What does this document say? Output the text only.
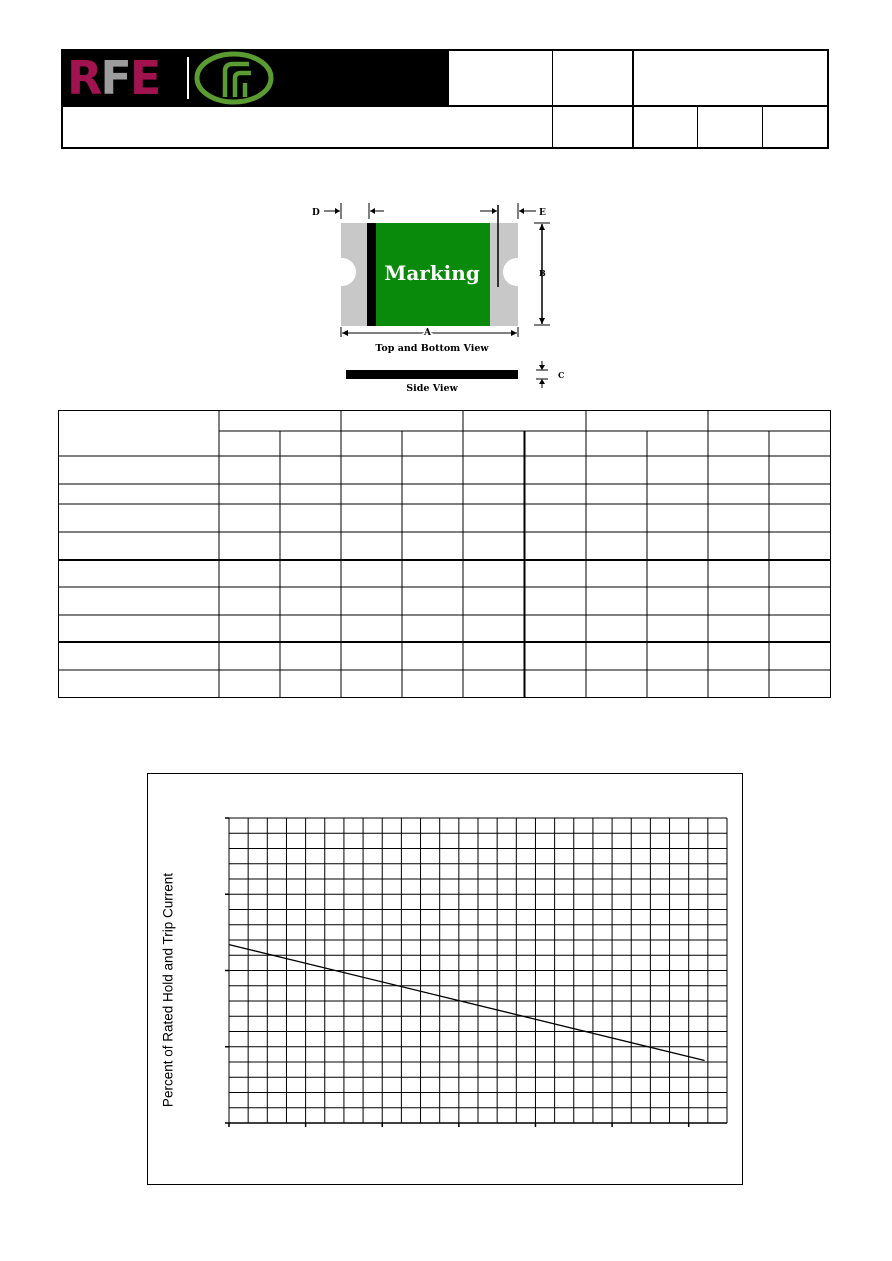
RFE
Marking
D	E
B
A
Top and Bottom View
Side View
C
Percent of Rated Hold and Trip Current
